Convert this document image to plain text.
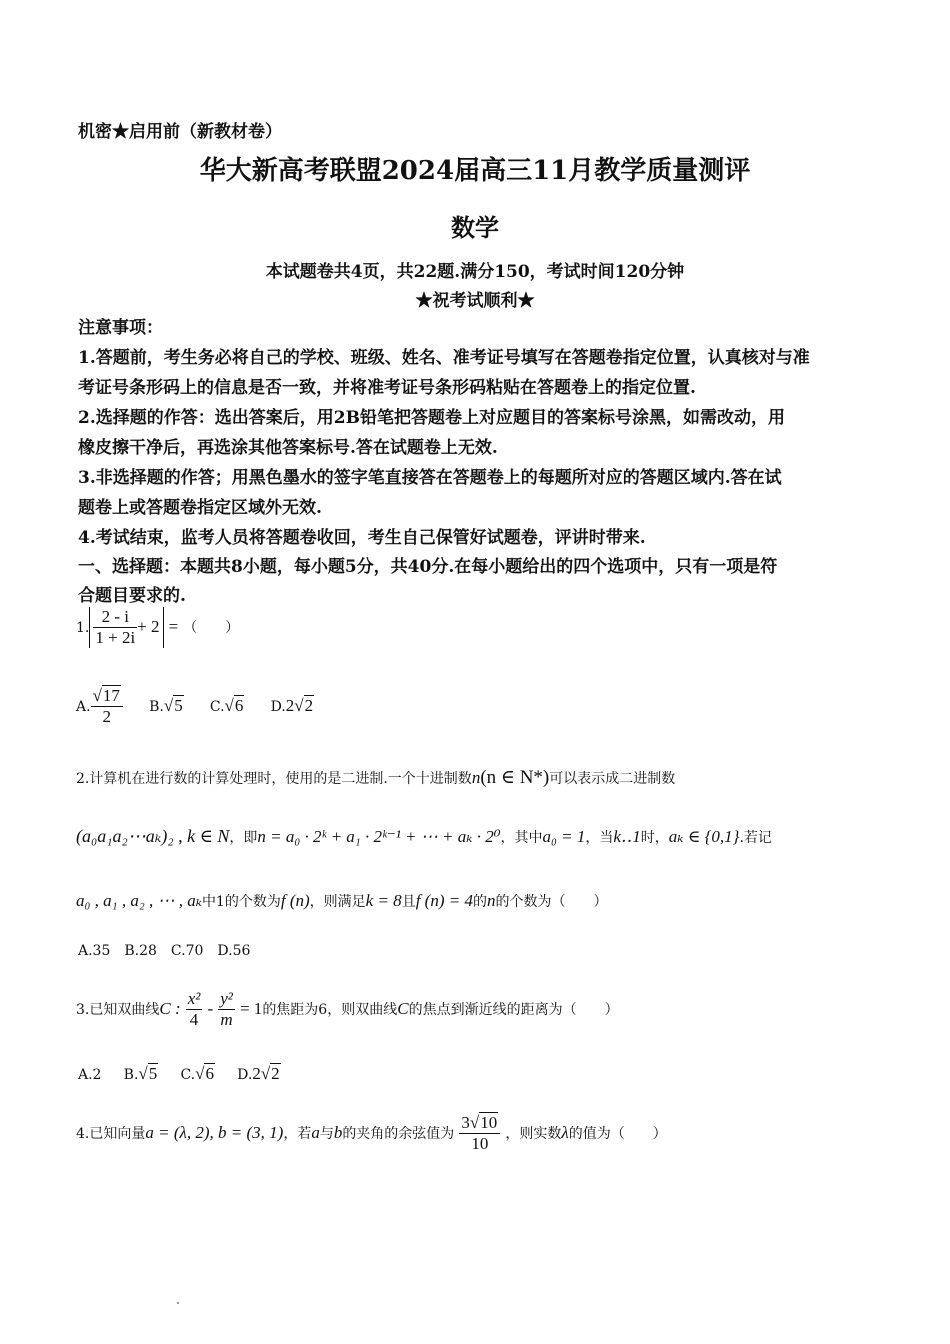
机密★启用前（新教材卷）
华大新高考联盟2024届高三11月教学质量测评
数学
本试题卷共4页，共22题.满分150，考试时间120分钟
★祝考试顺利★
注意事项：
1.答题前，考生务必将自己的学校、班级、姓名、准考证号填写在答题卷指定位置，认真核对与准
考证号条形码上的信息是否一致，并将准考证号条形码粘贴在答题卷上的指定位置.
2.选择题的作答：选出答案后，用2B铅笔把答题卷上对应题目的答案标号涂黑，如需改动，用
橡皮擦干净后，再选涂其他答案标号.答在试题卷上无效.
3.非选择题的作答；用黑色墨水的签字笔直接答在答题卷上的每题所对应的答题区域内.答在试
题卷上或答题卷指定区域外无效.
4.考试结束，监考人员将答题卷收回，考生自己保管好试题卷，评讲时带来.
一、选择题：本题共8小题，每小题5分，共40分.在每小题给出的四个选项中，只有一项是符
合题目要求的.
1. $\frac{2 - i}{1 + 2i} + 2$ = （　　）
A. $\frac{√17}{2} B.√5$ C.√6 D.2√2
2.计算机在进行数的计算处理时，使用的是二进制.一个十进制数n(n ∈ N*)可以表示成二进制数
(a₀a₁a₂⋯aₖ)₂ , k ∈ N，即n = a₀ · 2ᵏ + a₁ · 2ᵏ⁻¹ + ⋯ + aₖ · 2⁰，其中a₀ = 1，当k‥1时，aₖ ∈ {0,1}.若记
a₀ , a₁ , a₂ , ⋯ , aₖ中1的个数为f (n)，则满足k = 8且f (n) = 4的n的个数为（　　）
A.35　B.28　C.70　D.56
3.已知双曲线C : $\frac{\text{x²}}{4} - \frac{\text{y²}}{m} = 1$的焦距为6，则双曲线C的焦点到渐近线的距离为（　　）
A.2 B.√5 C.√6 D.2√2
4.已知向量a = (λ, 2), b = (3, 1)，若a与b的夹角的余弦值为 $\frac{3√10}{10}$ ，则实数λ的值为（　　）
